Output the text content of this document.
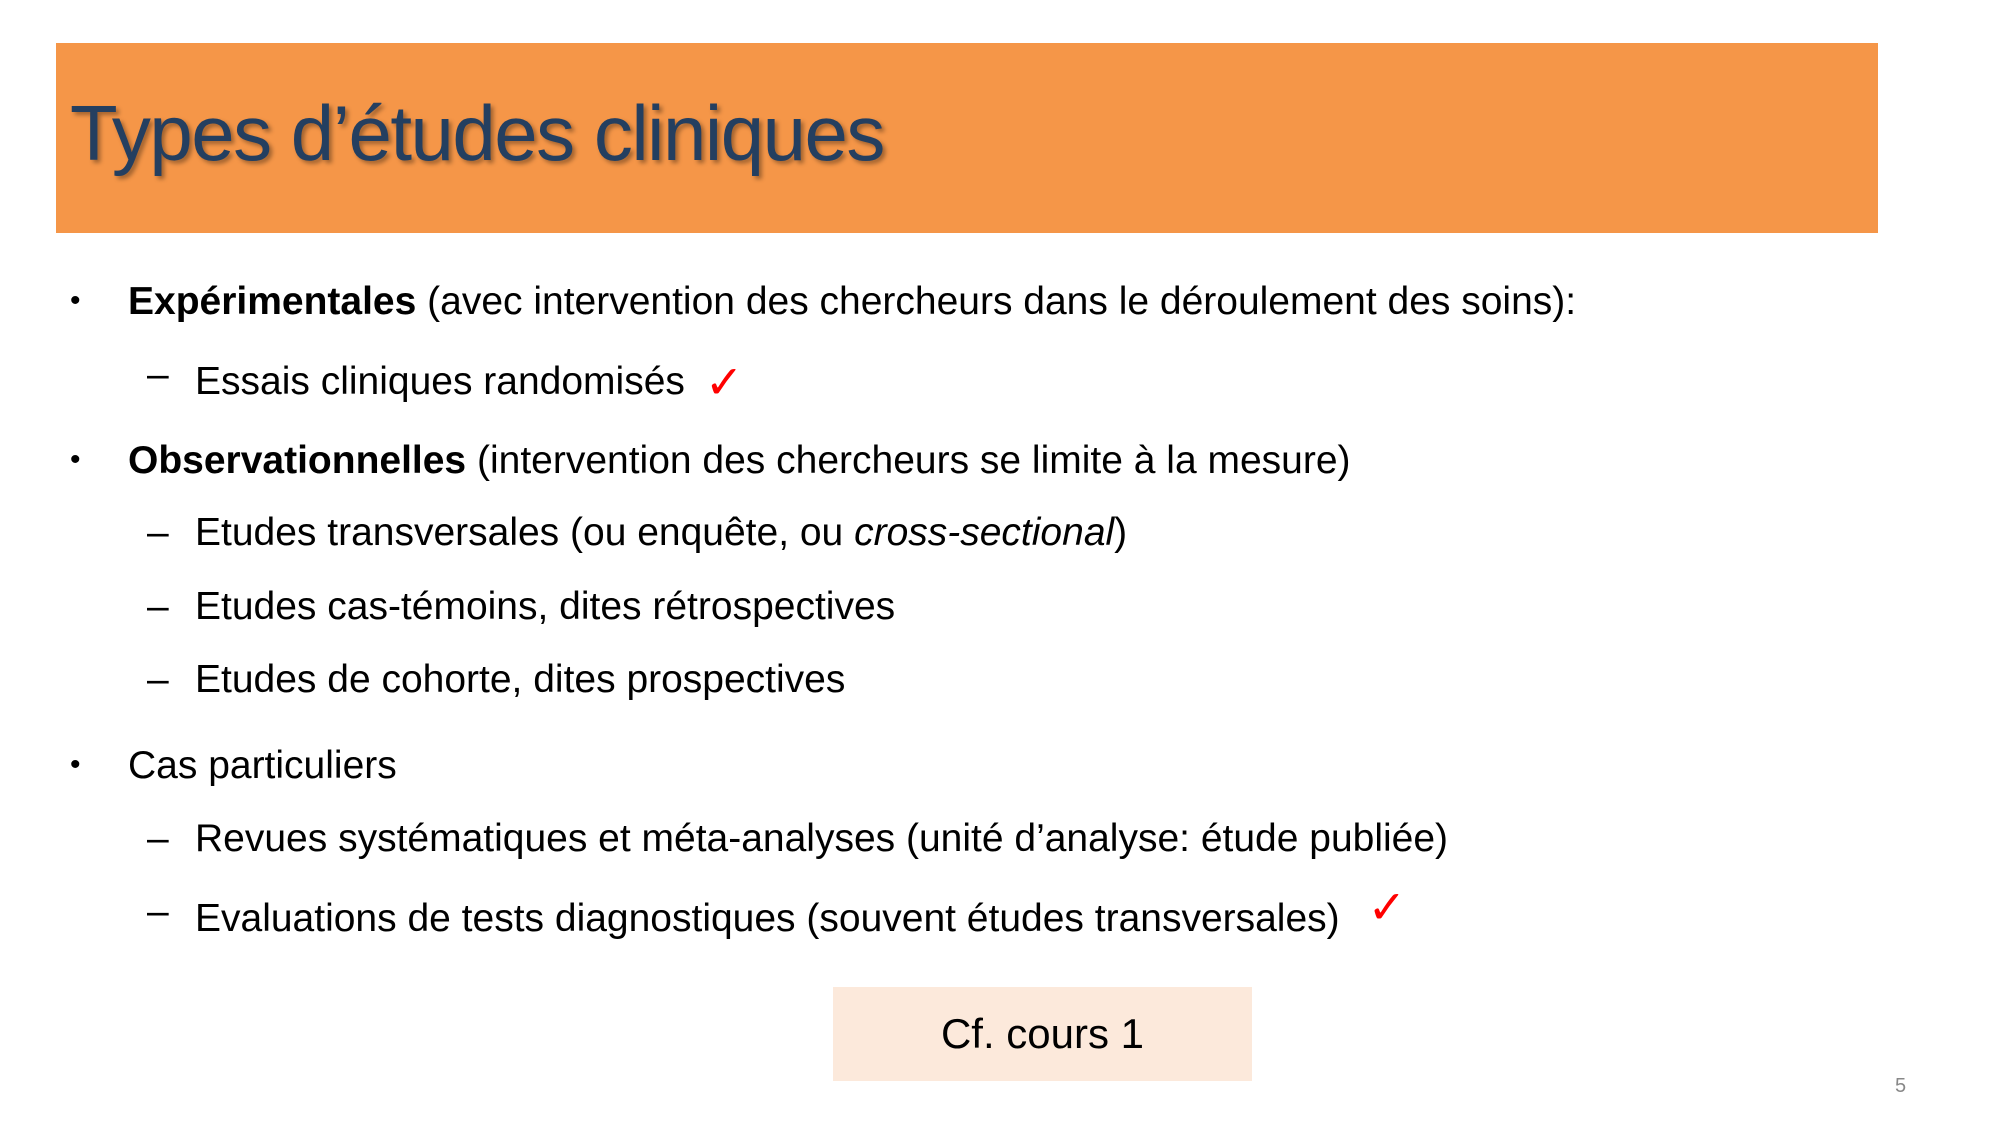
Types d’études cliniques
• Expérimentales (avec intervention des chercheurs dans le déroulement des soins):
– Essais cliniques randomisés ✓
• Observationnelles (intervention des chercheurs se limite à la mesure)
– Etudes transversales (ou enquête, ou cross-sectional)
– Etudes cas-témoins, dites rétrospectives
– Etudes de cohorte, dites prospectives
• Cas particuliers
– Revues systématiques et méta-analyses (unité d’analyse: étude publiée)
– Evaluations de tests diagnostiques (souvent études transversales) ✓
Cf. cours 1
5
